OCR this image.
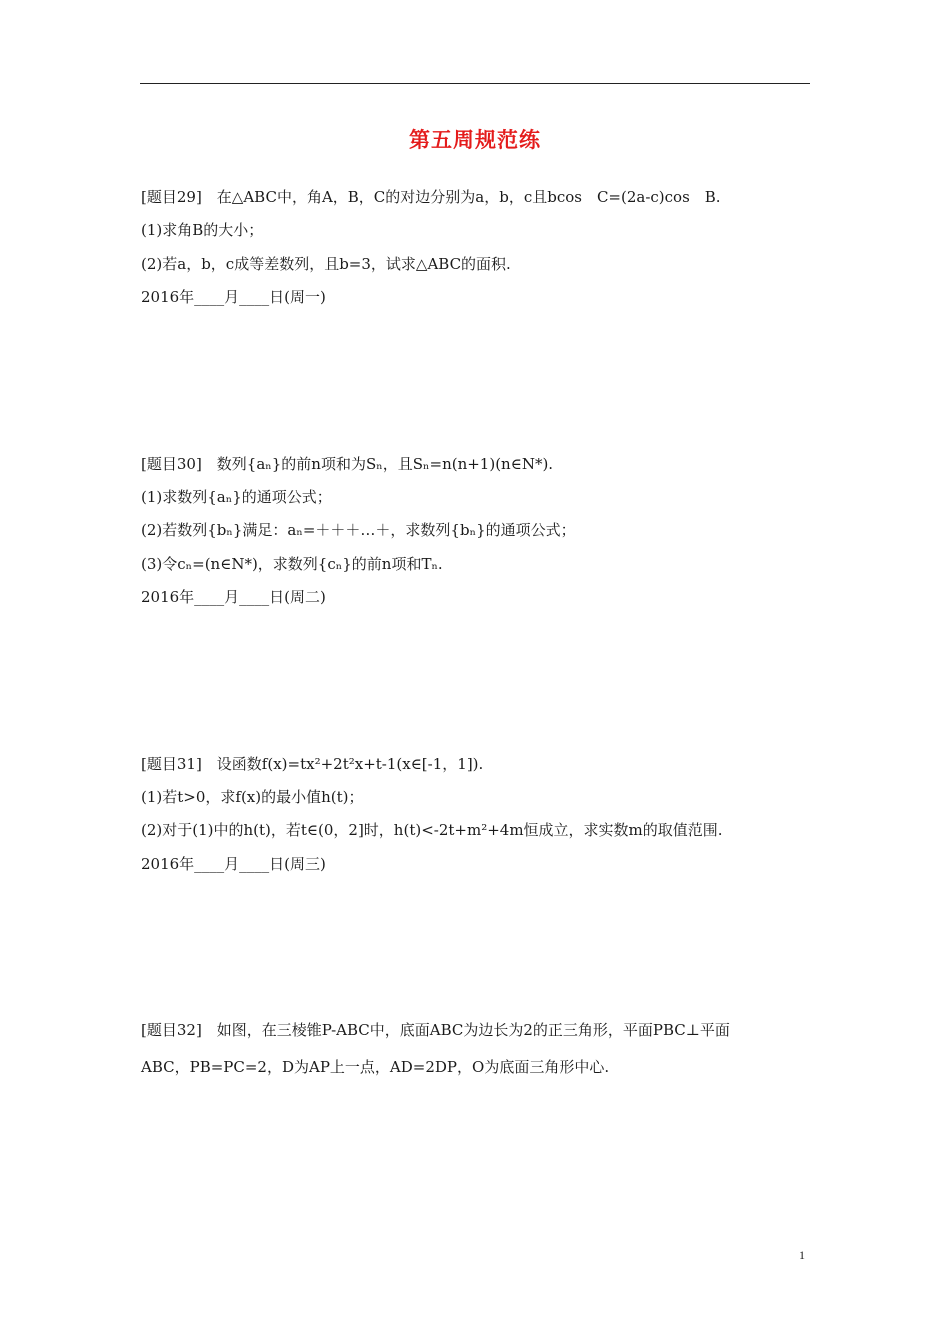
第五周规范练
[题目29]　在△ABC中，角A，B，C的对边分别为a，b，c且bcos　C=(2a-c)cos　B.
(1)求角B的大小；
(2)若a，b，c成等差数列，且b=3，试求△ABC的面积.
2016年____月____日(周一)
[题目30]　数列{aₙ}的前n项和为Sₙ，且Sₙ=n(n+1)(n∈N*).
(1)求数列{aₙ}的通项公式；
(2)若数列{bₙ}满足：aₙ=＋＋＋…＋，求数列{bₙ}的通项公式；
(3)令cₙ=(n∈N*)，求数列{cₙ}的前n项和Tₙ.
2016年____月____日(周二)
[题目31]　设函数f(x)=tx²+2t²x+t-1(x∈[-1，1]).
(1)若t>0，求f(x)的最小值h(t)；
(2)对于(1)中的h(t)，若t∈(0，2]时，h(t)<-2t+m²+4m恒成立，求实数m的取值范围.
2016年____月____日(周三)
[题目32]　如图，在三棱锥P-ABC中，底面ABC为边长为2的正三角形，平面PBC⊥平面
ABC，PB=PC=2，D为AP上一点，AD=2DP，O为底面三角形中心.
1
